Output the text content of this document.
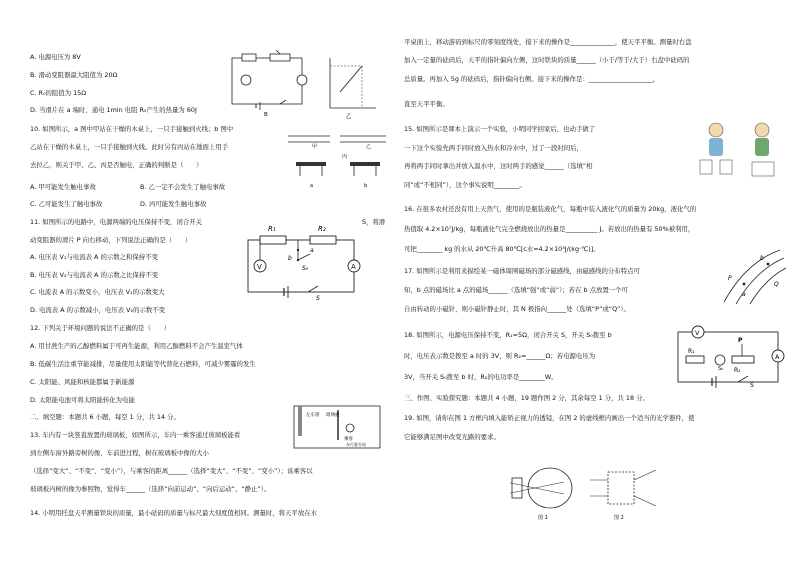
A. 电源电压为 8V
B. 滑动变阻器最大阻值为 20Ω
C. R₀的阻值为 15Ω
D. 当滑片在 a 端时，通电 1min 电阻 R₀产生的热量为 60J
B	乙
10. 如图所示，a 图中甲站在干燥的木桌上，一只手接触到火线；b 图中
乙站在干燥的木桌上，一只手接触到火线。此时另有丙站在地面上用手
去拉乙，则关于甲、乙、丙是否触电，正确的判断是（　　）
A. 甲可能发生触电事故	B. 乙一定不会发生了触电事故
C. 乙可能发生了触电事故	D. 丙可能发生触电事故
甲	乙
丙
a	b
11. 如图所示的电路中，电源两端的电压保持不变，闭合开关	S，将滑
动变阻器的滑片 P 向右移动，下列说法正确的是（　　）
A. 电压表 V₁与电流表 A 的示数之和保持不变
B. 电压表 V₂与电流表 A 的示数之比保持不变
C. 电流表 A 的示数变小，电压表 V₁的示数变大
D. 电流表 A 的示数减小，电压表 V₂的示数不变
R₁	R₂
V	A
b
a
S₀
S
12. 下列关于环境问题的说法不正确的是（　　）
A. 用甘蔗生产的乙醇燃料属于可再生能源，利用乙醇燃料不会产生温室气体
B. 低碳生活注重节能减排，尽量使用太阳能等代替化石燃料，可减少雾霾的发生
C. 太阳能、风能和核能都属于新能源
D. 太阳能电池可将太阳能转化为电能
二、填空题：本题共 6 小题，每空 1 分，共 14 分。
13. 车内有一块竖直放置的玻璃板，如图所示，车内一乘客通过玻璃板能看
到左侧车窗外路旁树的像，车前进过程，树在玻璃板中像的大小
左车窗 玻璃板
乘客
车行驶方向
（选择“变大”、“不变”、“变小”），与乘客的距离______（选择“变大”、“不变”、“变小”）；该乘客以
玻璃板内树的像为参照物，觉得车______（选择“向前运动”、“向后运动”、“静止”）。
14. 小明用托盘天平测量铁块的质量，最小砝码的质量与标尺最大刻度值相同。测量时，将天平放在水
平桌面上，移动游码到标尺的零刻度线处，接下来的操作是______________，使天平平衡。测量时右盘
加入一定量的砝码后，天平的指针偏向左侧，这时铁块的质量______（小于/等于/大于）右盘中砝码的
总质量。再加入 5g 的砝码后，指针偏向右侧。接下来的操作是：____________________，
直至天平平衡。
15. 如图所示是课本上演示一个实验，小明同学回家后，也动手做了
一下这个实验先两手同时放入热水和冷水中，过了一段时间后，
再将两手同时拿出并放入温水中，这时两手的感觉______（选填“相
同”或“不相同”），这个事实说明________。
16. 在很多农村还没有用上天然气，使用的是瓶装液化气，每瓶中装入液化气的质量为 20kg，液化气的
热值取 4.2×10⁷J/kg，每瓶液化气完全燃烧放出的热量是__________ J。若放出的热量有 50%被利用，
可把________ kg 的水从 20℃升高 80℃[c水=4.2×10³J/(kg·℃)]。
17. 如图所示是利用来描绘某一磁体周围磁场的部分磁感线，由磁感线的分布特点可
知，b 点的磁场比 a 点的磁场______（选填“强”或“弱”）；若在 b 点放置一个可
自由转动的小磁针，则小磁针静止时，其 N 极指向______处（选填“P”或“Q”）。
P
Q
a
b
18. 如图所示，电源电压保持不变，R₁=5Ω，闭合开关 S，开关 S₀拨至 b
时，电压表示数是拨至 a 时的 3V，则 R₂=______Ω；若电源电压为
3V，当开关 S₀拨至 b 时，R₂的电功率是________W。
V
A
R₁
R₂
P
S₀
S
三、作图、实验探究题：本题共 4 小题，19 题作图 2 分，其余每空 1 分，共 18 分。
19. 如图，请你在图 1 方框内填入能矫正视力的透镜，在图 2 的虚线框内画出一个适当的光学器件，使
它能够满足图中改变光路的要求。
图 1	图 2
